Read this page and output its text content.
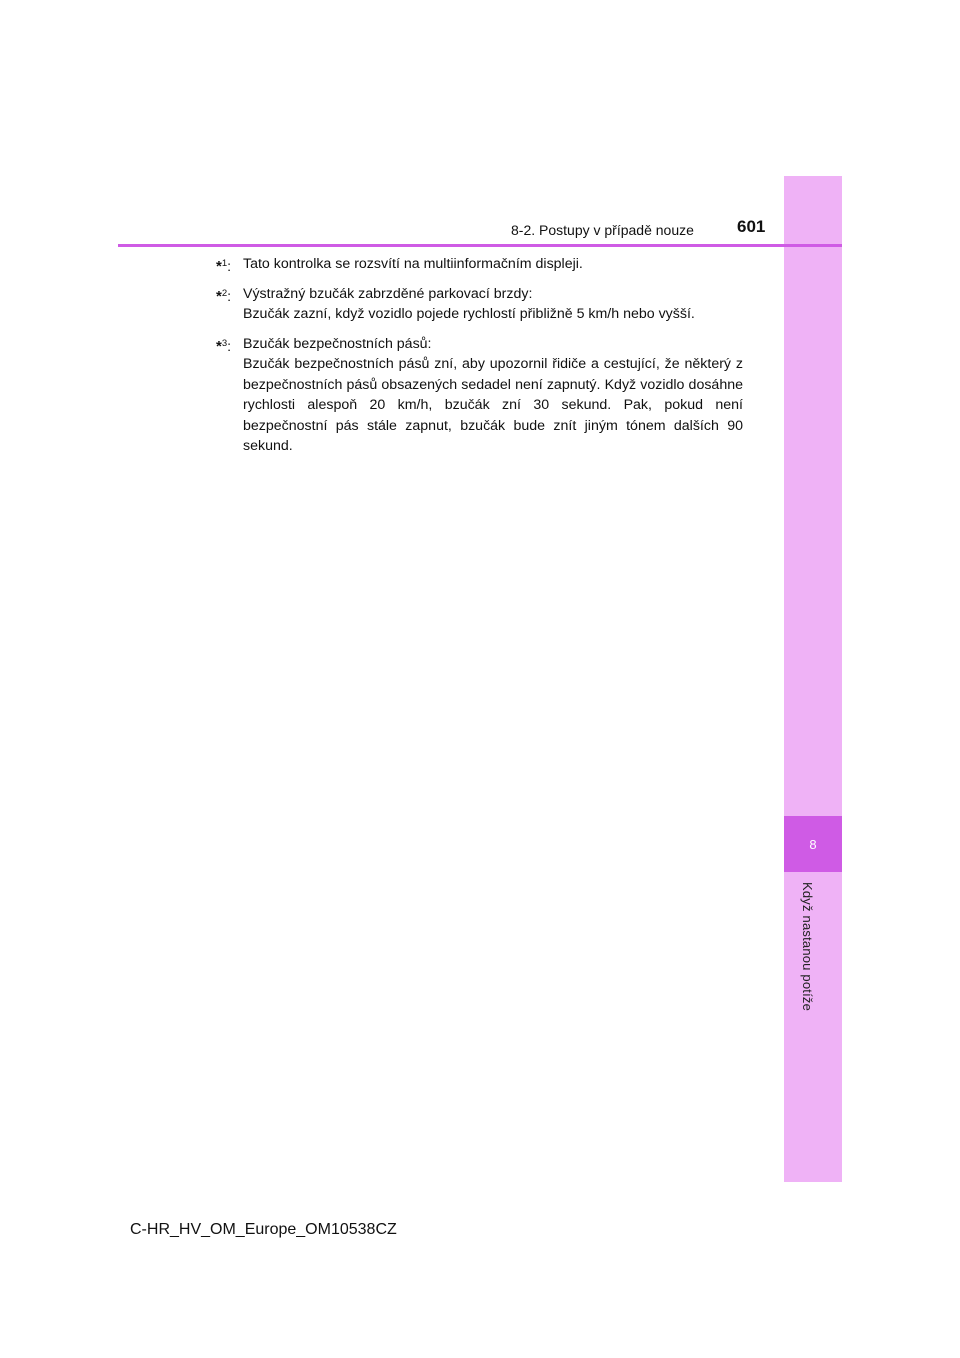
8
Když nastanou potíže
8-2. Postupy v případě nouze	601
*$^1$: Tato kontrolka se rozsvítí na multiinformačním displeji.
*$^2$: Výstražný bzučák zabrzděné parkovací brzdy:
Bzučák zazní, když vozidlo pojede rychlostí přibližně 5 km/h nebo vyšší.
*$^3$: Bzučák bezpečnostních pásů:
Bzučák bezpečnostních pásů zní, aby upozornil řidiče a cestující, že některý z bezpečnostních pásů obsazených sedadel není zapnutý. Když vozidlo dosáhne rychlosti alespoň 20 km/h, bzučák zní 30 sekund. Pak, pokud není bezpečnostní pás stále zapnut, bzučák bude znít jiným tónem dalších 90 sekund.
C-HR_HV_OM_Europe_OM10538CZ
